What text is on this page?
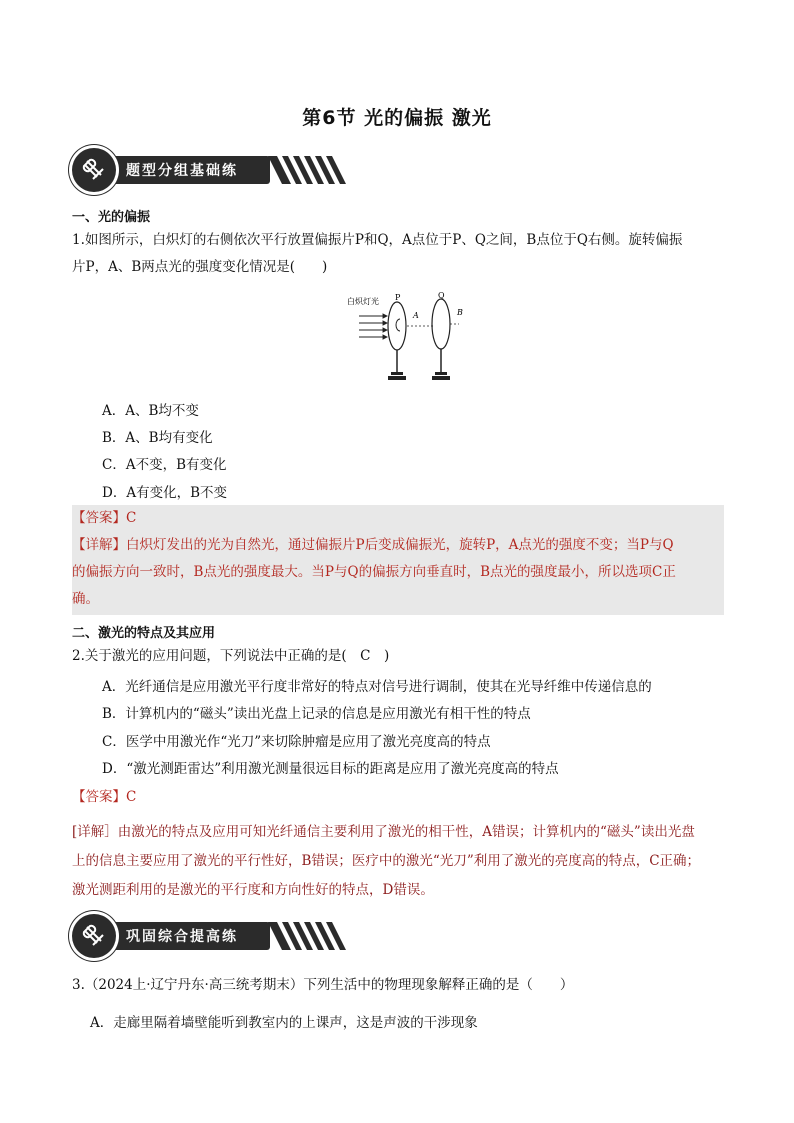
第6节 光的偏振 激光
题型分组基础练
一、光的偏振
1.如图所示，白炽灯的右侧依次平行放置偏振片P和Q，A点位于P、Q之间，B点位于Q右侧。旋转偏振
片P，A、B两点光的强度变化情况是(　　)
白炽灯光 P
A
Q
B
A．A、B均不变
B．A、B均有变化
C．A不变，B有变化
D．A有变化，B不变
【答案】C
【详解】白炽灯发出的光为自然光，通过偏振片P后变成偏振光，旋转P，A点光的强度不变；当P与Q
的偏振方向一致时，B点光的强度最大。当P与Q的偏振方向垂直时，B点光的强度最小，所以选项C正
确。
二、激光的特点及其应用
2.关于激光的应用问题，下列说法中正确的是(　C　)
A．光纤通信是应用激光平行度非常好的特点对信号进行调制，使其在光导纤维中传递信息的
B．计算机内的“磁头”读出光盘上记录的信息是应用激光有相干性的特点
C．医学中用激光作“光刀”来切除肿瘤是应用了激光亮度高的特点
D．“激光测距雷达”利用激光测量很远目标的距离是应用了激光亮度高的特点
【答案】C
[详解］由激光的特点及应用可知光纤通信主要利用了激光的相干性，A错误；计算机内的“磁头”读出光盘
上的信息主要应用了激光的平行性好，B错误；医疗中的激光“光刀”利用了激光的亮度高的特点，C正确；
激光测距利用的是激光的平行度和方向性好的特点，D错误。
巩固综合提高练
3.（2024上·辽宁丹东·高三统考期末）下列生活中的物理现象解释正确的是（　　）
A．走廊里隔着墙壁能听到教室内的上课声，这是声波的干涉现象
